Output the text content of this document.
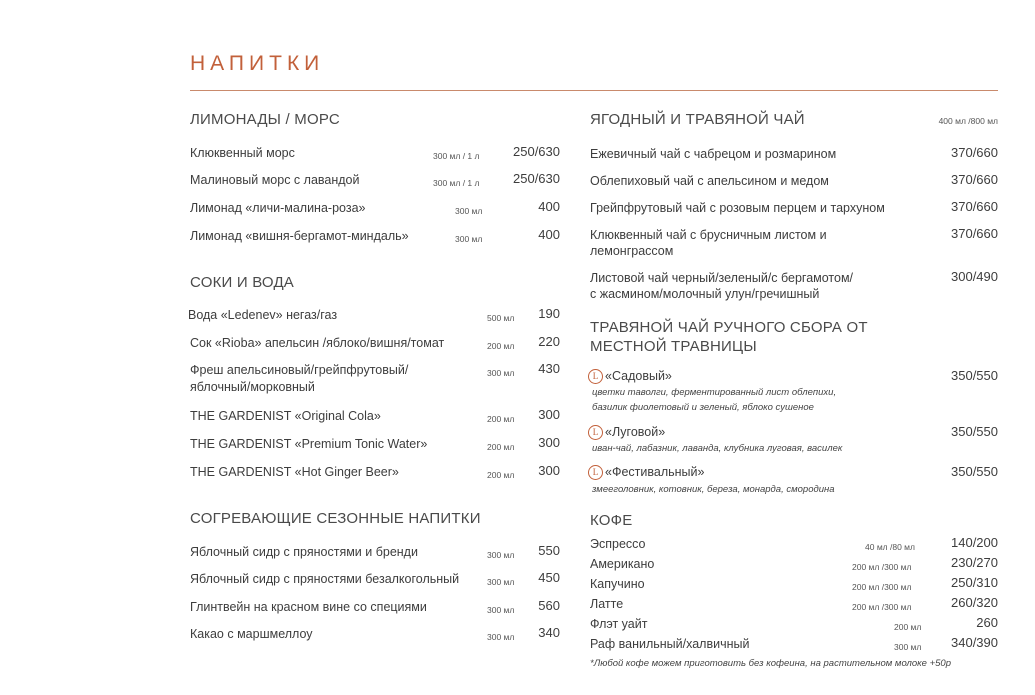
НАПИТКИ
ЛИМОНАДЫ / МОРС
Клюквенный морс	300 мл / 1 л	250/630
Малиновый морс с лавандой	300 мл / 1 л	250/630
Лимонад «личи-малина-роза»	300 мл	400
Лимонад «вишня-бергамот-миндаль»	300 мл	400
СОКИ И ВОДА
Вода «Ledenev» негаз/газ	500 мл 190
Сок «Rioba» апельсин /яблоко/вишня/томат	200 мл 220
Фреш апельсиновый/грейпфрутовый/
яблочный/морковный
300 мл 430
THE GARDENIST «Original Cola»	200 мл 300
THE GARDENIST «Premium Tonic Water»	200 мл 300
THE GARDENIST «Hot Ginger Beer»	200 мл 300
СОГРЕВАЮЩИЕ СЕЗОННЫЕ НАПИТКИ
Яблочный сидр с пряностями и бренди	300 мл 550
Яблочный сидр с пряностями безалкогольный	300 мл 450
Глинтвейн на красном вине со специями	300 мл 560
Какао с маршмеллоу	300 мл 340
ЯГОДНЫЙ И ТРАВЯНОЙ ЧАЙ	400 мл /800 мл
Ежевичный чай с чабрецом и розмарином	370/660
Облепиховый чай с апельсином и медом	370/660
Грейпфрутовый чай с розовым перцем и тархуном	370/660
Клюквенный чай с брусничным листом и
лемонграссом
370/660
Листовой чай черный/зеленый/с бергамотом/
с жасмином/молочный улун/гречишный
300/490
ТРАВЯНОЙ ЧАЙ РУЧНОГО СБОРА ОТ
МЕСТНОЙ ТРАВНИЦЫ
L «Садовый»	350/550
цветки таволги, ферментированный лист облепихи,
базилик фиолетовый и зеленый, яблоко сушеное
L «Луговой»	350/550
иван-чай, лабазник, лаванда, клубника луговая, василек
L «Фестивальный»	350/550
змееголовник, котовник, береза, монарда, смородина
КОФЕ
Эспрессо	40 мл /80 мл	140/200
Американо	200 мл /300 мл	230/270
Капучино	200 мл /300 мл	250/310
Латте	200 мл /300 мл	260/320
Флэт уайт	200 мл	260
Раф ванильный/халвичный	300 мл 340/390
*Любой кофе можем приготовить без кофеина, на растительном молоке +50р
